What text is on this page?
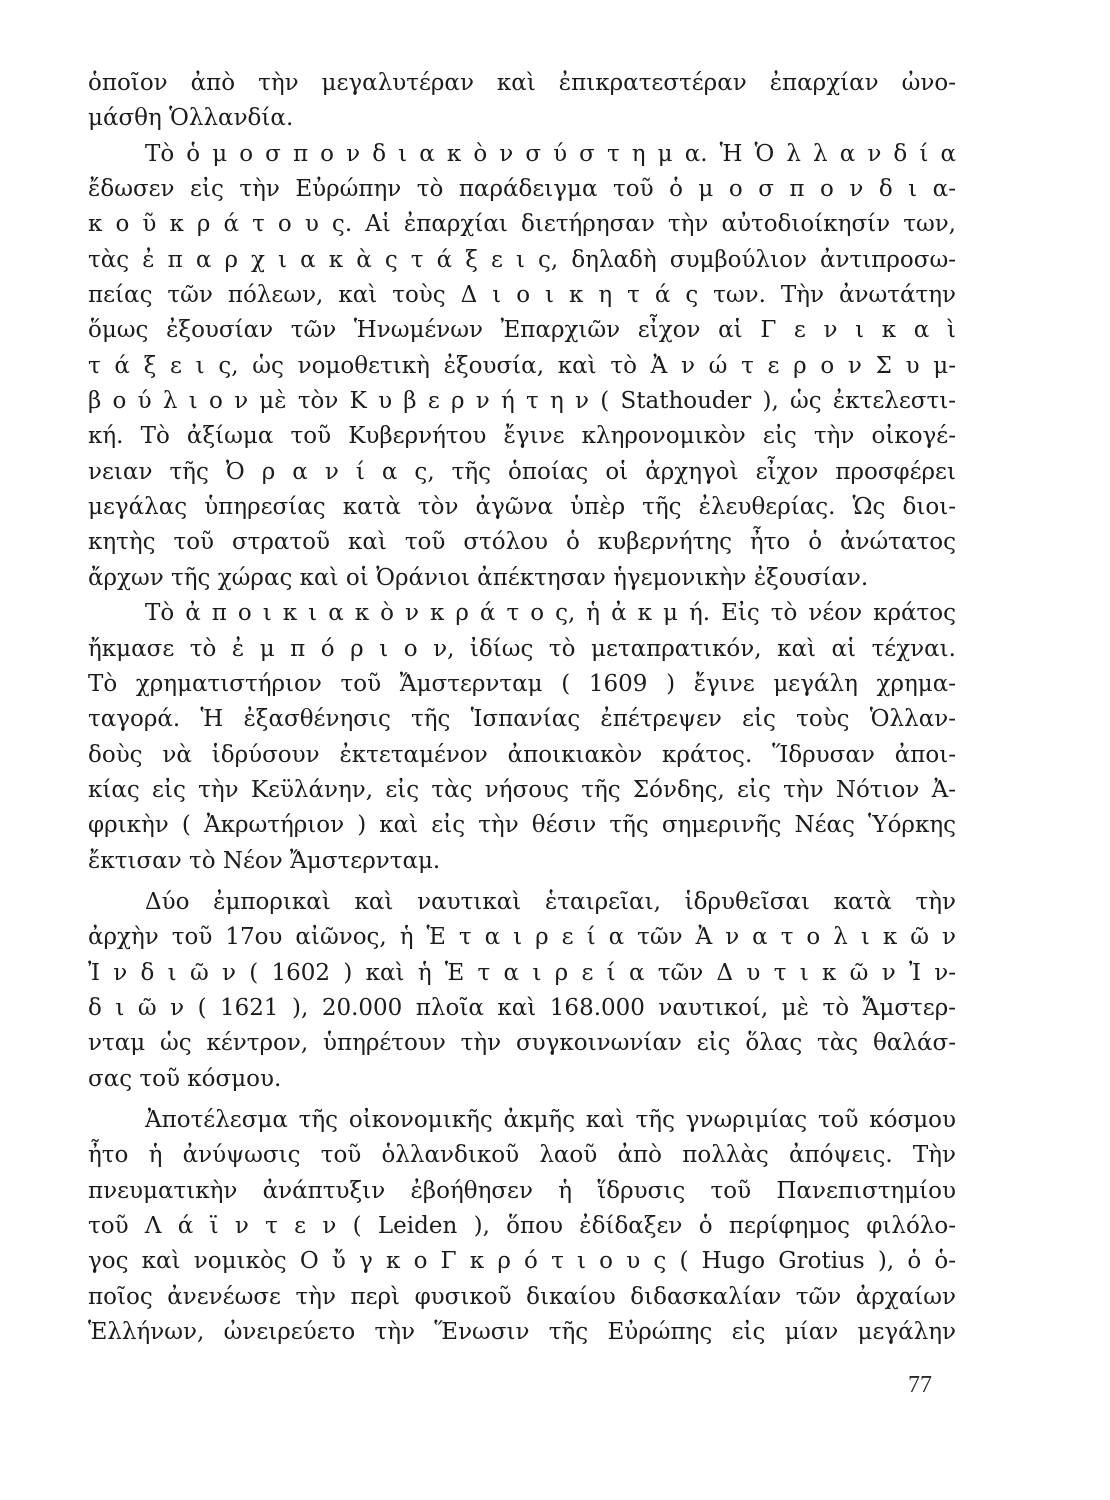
ὁποῖον ἀπὸ τὴν μεγαλυτέραν καὶ ἐπικρατεστέραν ἐπαρχίαν ὠνο-
μάσθη Ὁλλανδία.
Τὸ ὁ μ ο σ π ο ν δ ι α κ ὸ ν σ ύ σ τ η μ α. Ἡ Ὁ λ λ α ν δ ί α
ἔδωσεν εἰς τὴν Εὐρώπην τὸ παράδειγμα τοῦ ὁ μ ο σ π ο ν δ ι α-
κ ο ῦ κ ρ ά τ ο υ ς. Αἱ ἐπαρχίαι διετήρησαν τὴν αὐτοδιοίκησίν των,
τὰς ἐ π α ρ χ ι α κ ὰ ς τ ά ξ ε ι ς, δηλαδὴ συμβούλιον ἀντιπροσω-
πείας τῶν πόλεων, καὶ τοὺς Δ ι ο ι κ η τ ά ς των. Τὴν ἀνωτάτην
ὅμως ἐξουσίαν τῶν Ἡνωμένων Ἐπαρχιῶν εἶχον αἱ Γ ε ν ι κ α ὶ
τ ά ξ ε ι ς, ὡς νομοθετικὴ ἐξουσία, καὶ τὸ Ἀ ν ώ τ ε ρ ο ν Σ υ μ-
β ο ύ λ ι ο ν μὲ τὸν Κ υ β ε ρ ν ή τ η ν ( Stathouder ), ὡς ἐκτελεστι-
κή. Τὸ ἀξίωμα τοῦ Κυβερνήτου ἔγινε κληρονομικὸν εἰς τὴν οἰκογέ-
νειαν τῆς Ὀ ρ α ν ί α ς, τῆς ὁποίας οἱ ἀρχηγοὶ εἶχον προσφέρει
μεγάλας ὑπηρεσίας κατὰ τὸν ἀγῶνα ὑπὲρ τῆς ἐλευθερίας. Ὡς διοι-
κητὴς τοῦ στρατοῦ καὶ τοῦ στόλου ὁ κυβερνήτης ἦτο ὁ ἀνώτατος
ἄρχων τῆς χώρας καὶ οἱ Ὀράνιοι ἀπέκτησαν ἡγεμονικὴν ἐξουσίαν.
Τὸ ἀ π ο ι κ ι α κ ὸ ν κ ρ ά τ ο ς, ἡ ἀ κ μ ή. Εἰς τὸ νέον κράτος
ἤκμασε τὸ ἐ μ π ό ρ ι ο ν, ἰδίως τὸ μεταπρατικόν, καὶ αἱ τέχναι.
Τὸ χρηματιστήριον τοῦ Ἄμστερνταμ ( 1609 ) ἔγινε μεγάλη χρημα-
ταγορά. Ἡ ἐξασθένησις τῆς Ἱσπανίας ἐπέτρεψεν εἰς τοὺς Ὁλλαν-
δοὺς νὰ ἱδρύσουν ἐκτεταμένον ἀποικιακὸν κράτος. Ἵδρυσαν ἀποι-
κίας εἰς τὴν Κεϋλάνην, εἰς τὰς νήσους τῆς Σόνδης, εἰς τὴν Νότιον Ἀ-
φρικὴν ( Ἀκρωτήριον ) καὶ εἰς τὴν θέσιν τῆς σημερινῆς Νέας Ὑόρκης
ἔκτισαν τὸ Νέον Ἄμστερνταμ.
Δύο ἐμπορικαὶ καὶ ναυτικαὶ ἑταιρεῖαι, ἱδρυθεῖσαι κατὰ τὴν
ἀρχὴν τοῦ 17ου αἰῶνος, ἡ Ἑ τ α ι ρ ε ί α τῶν Ἀ ν α τ ο λ ι κ ῶ ν
Ἰ ν δ ι ῶ ν ( 1602 ) καὶ ἡ Ἑ τ α ι ρ ε ί α τῶν Δ υ τ ι κ ῶ ν Ἰ ν-
δ ι ῶ ν ( 1621 ), 20.000 πλοῖα καὶ 168.000 ναυτικοί, μὲ τὸ Ἄμστερ-
νταμ ὡς κέντρον, ὑπηρέτουν τὴν συγκοινωνίαν εἰς ὅλας τὰς θαλάσ-
σας τοῦ κόσμου.
Ἀποτέλεσμα τῆς οἰκονομικῆς ἀκμῆς καὶ τῆς γνωριμίας τοῦ κόσμου
ἦτο ἡ ἀνύψωσις τοῦ ὁλλανδικοῦ λαοῦ ἀπὸ πολλὰς ἀπόψεις. Τὴν
πνευματικὴν ἀνάπτυξιν ἐβοήθησεν ἡ ἵδρυσις τοῦ Πανεπιστημίου
τοῦ Λ ά ϊ ν τ ε ν ( Leiden ), ὅπου ἐδίδαξεν ὁ περίφημος φιλόλο-
γος καὶ νομικὸς Ο ὔ γ κ ο Γ κ ρ ό τ ι ο υ ς ( Hugo Grotius ), ὁ ὁ-
ποῖος ἀνενέωσε τὴν περὶ φυσικοῦ δικαίου διδασκαλίαν τῶν ἀρχαίων
Ἑλλήνων, ὠνειρεύετο τὴν Ἕνωσιν τῆς Εὐρώπης εἰς μίαν μεγάλην
77
